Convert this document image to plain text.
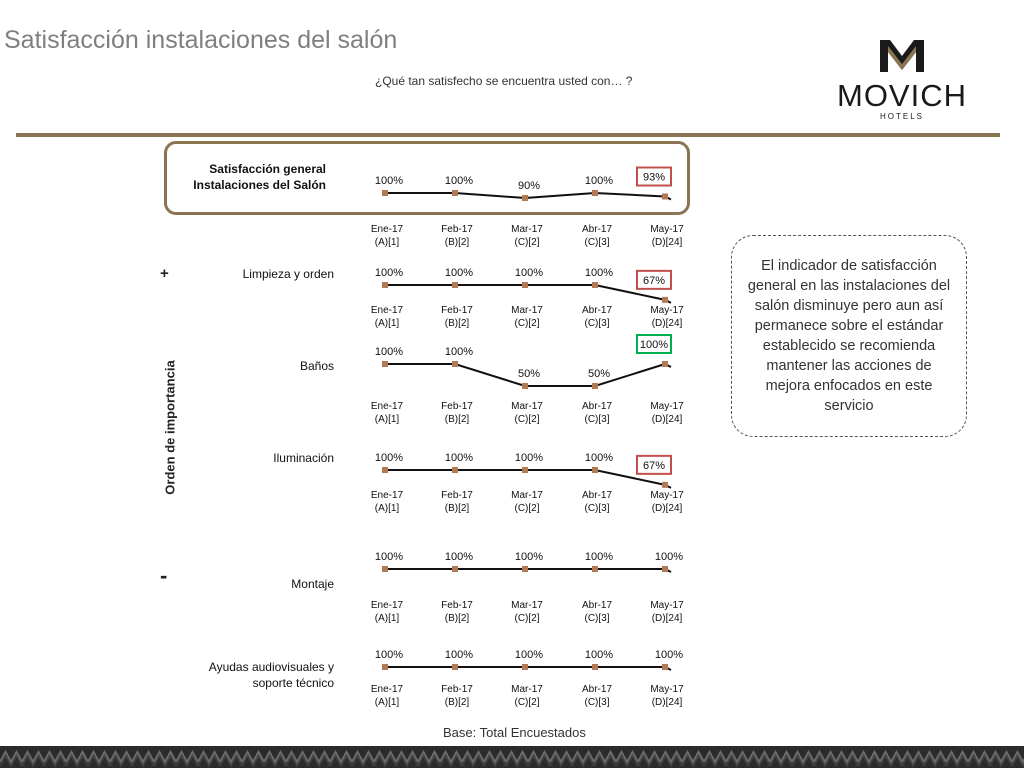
Satisfacción instalaciones del salón
¿Qué tan satisfecho se encuentra usted con… ?	MOVICH
HOTELS
Satisfacción general Instalaciones del Salón
Limpieza y orden
Baños
Iluminación
Montaje
Ayudas audiovisuales y soporte técnico
Orden de importancia
+
-
100%
Ene-17
(A)[1]
100%
Feb-17
(B)[2]
90%
Mar-17
(C)[2]
100%
Abr-17
(C)[3]
93%
May-17
(D)[24]
100%
Ene-17
(A)[1]
100%
Feb-17
(B)[2]
100%
Mar-17
(C)[2]
100%
Abr-17
(C)[3]
67%
May-17
(D)[24]
100%
Ene-17
(A)[1]
100%
Feb-17
(B)[2]
50%
Mar-17
(C)[2]
50%
Abr-17
(C)[3]
100%
May-17
(D)[24]
100%
Ene-17
(A)[1]
100%
Feb-17
(B)[2]
100%
Mar-17
(C)[2]
100%
Abr-17
(C)[3]
67%
May-17
(D)[24]
100%
Ene-17
(A)[1]
100%
Feb-17
(B)[2]
100%
Mar-17
(C)[2]
100%
Abr-17
(C)[3]
100%
May-17
(D)[24]
100%
Ene-17
(A)[1]
100%
Feb-17
(B)[2]
100%
Mar-17
(C)[2]
100%
Abr-17
(C)[3]
100%
May-17
(D)[24]
El indicador de satisfacción general en las instalaciones del salón disminuye pero aun así permanece sobre el estándar establecido se recomienda mantener las acciones de mejora enfocados en este servicio
Base: Total Encuestados
